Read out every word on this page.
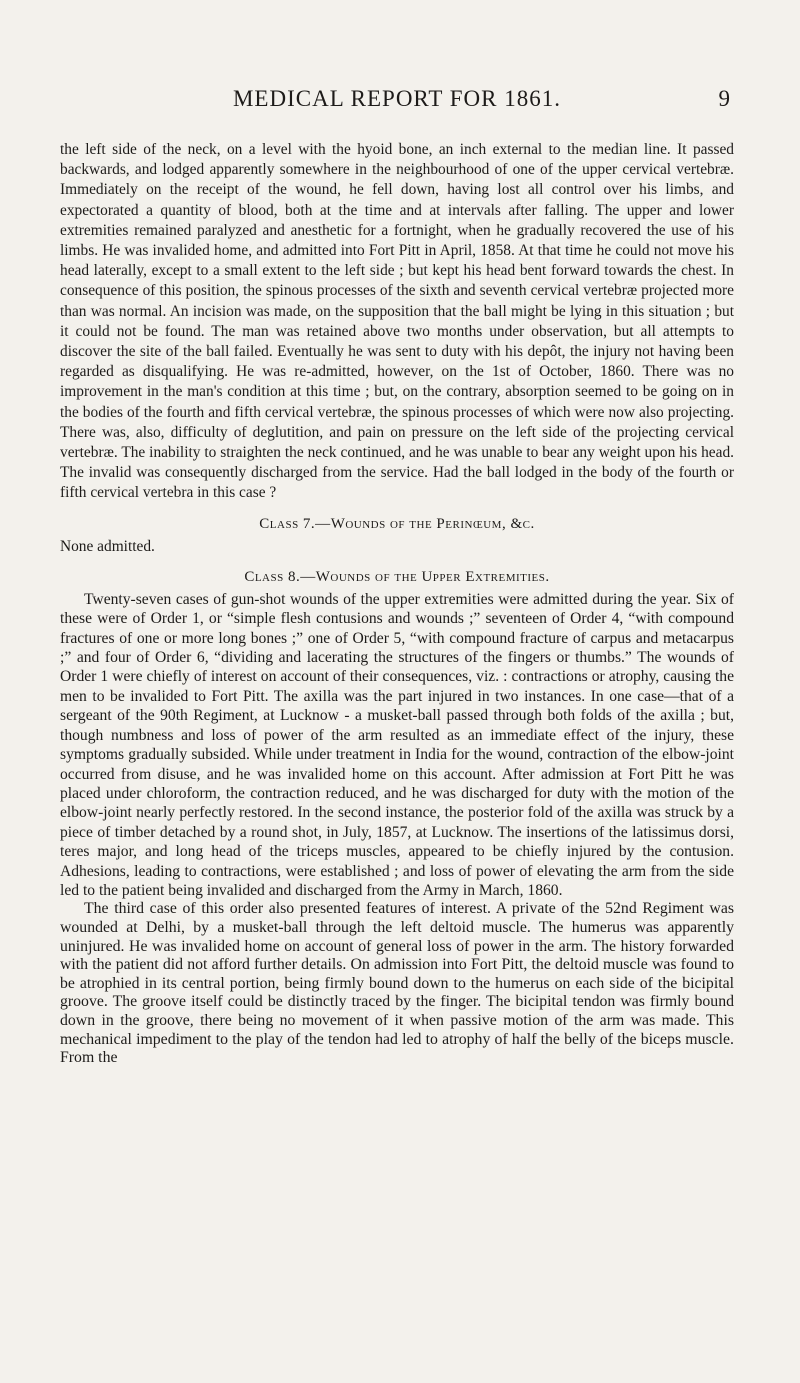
MEDICAL REPORT FOR 1861.	9

the left side of the neck, on a level with the hyoid bone, an inch external to the median line. It passed backwards, and lodged apparently somewhere in the neighbourhood of one of the upper cervical vertebræ. Immediately on the receipt of the wound, he fell down, having lost all control over his limbs, and expectorated a quantity of blood, both at the time and at intervals after falling. The upper and lower extremities remained paralyzed and anesthetic for a fortnight, when he gradually recovered the use of his limbs. He was invalided home, and admitted into Fort Pitt in April, 1858. At that time he could not move his head laterally, except to a small extent to the left side ; but kept his head bent forward towards the chest. In consequence of this position, the spinous processes of the sixth and seventh cervical vertebræ projected more than was normal. An incision was made, on the supposition that the ball might be lying in this situation ; but it could not be found. The man was retained above two months under observation, but all attempts to discover the site of the ball failed. Eventually he was sent to duty with his depôt, the injury not having been regarded as disqualifying. He was re-admitted, however, on the 1st of October, 1860. There was no improvement in the man's condition at this time ; but, on the contrary, absorption seemed to be going on in the bodies of the fourth and fifth cervical vertebræ, the spinous processes of which were now also projecting. There was, also, difficulty of deglutition, and pain on pressure on the left side of the projecting cervical vertebræ. The inability to straighten the neck continued, and he was unable to bear any weight upon his head. The invalid was consequently discharged from the service. Had the ball lodged in the body of the fourth or fifth cervical vertebra in this case ?

Class 7.—Wounds of the Perinœum, &c.

None admitted.

Class 8.—Wounds of the Upper Extremities.

Twenty-seven cases of gun-shot wounds of the upper extremities were admitted during the year. Six of these were of Order 1, or “simple flesh contusions and wounds ;” seventeen of Order 4, “with compound fractures of one or more long bones ;” one of Order 5, “with compound fracture of carpus and metacarpus ;” and four of Order 6, “dividing and lacerating the structures of the fingers or thumbs.” The wounds of Order 1 were chiefly of interest on account of their consequences, viz. : contractions or atrophy, causing the men to be invalided to Fort Pitt. The axilla was the part injured in two instances. In one case—that of a sergeant of the 90th Regiment, at Lucknow - a musket-ball passed through both folds of the axilla ; but, though numbness and loss of power of the arm resulted as an immediate effect of the injury, these symptoms gradually subsided. While under treatment in India for the wound, contraction of the elbow-joint occurred from disuse, and he was invalided home on this account. After admission at Fort Pitt he was placed under chloroform, the contraction reduced, and he was discharged for duty with the motion of the elbow-joint nearly perfectly restored. In the second instance, the posterior fold of the axilla was struck by a piece of timber detached by a round shot, in July, 1857, at Lucknow. The insertions of the latissimus dorsi, teres major, and long head of the triceps muscles, appeared to be chiefly injured by the contusion. Adhesions, leading to contractions, were established ; and loss of power of elevating the arm from the side led to the patient being invalided and discharged from the Army in March, 1860.

The third case of this order also presented features of interest. A private of the 52nd Regiment was wounded at Delhi, by a musket-ball through the left deltoid muscle. The humerus was apparently uninjured. He was invalided home on account of general loss of power in the arm. The history forwarded with the patient did not afford further details. On admission into Fort Pitt, the deltoid muscle was found to be atrophied in its central portion, being firmly bound down to the humerus on each side of the bicipital groove. The groove itself could be distinctly traced by the finger. The bicipital tendon was firmly bound down in the groove, there being no movement of it when passive motion of the arm was made. This mechanical impediment to the play of the tendon had led to atrophy of half the belly of the biceps muscle. From the
